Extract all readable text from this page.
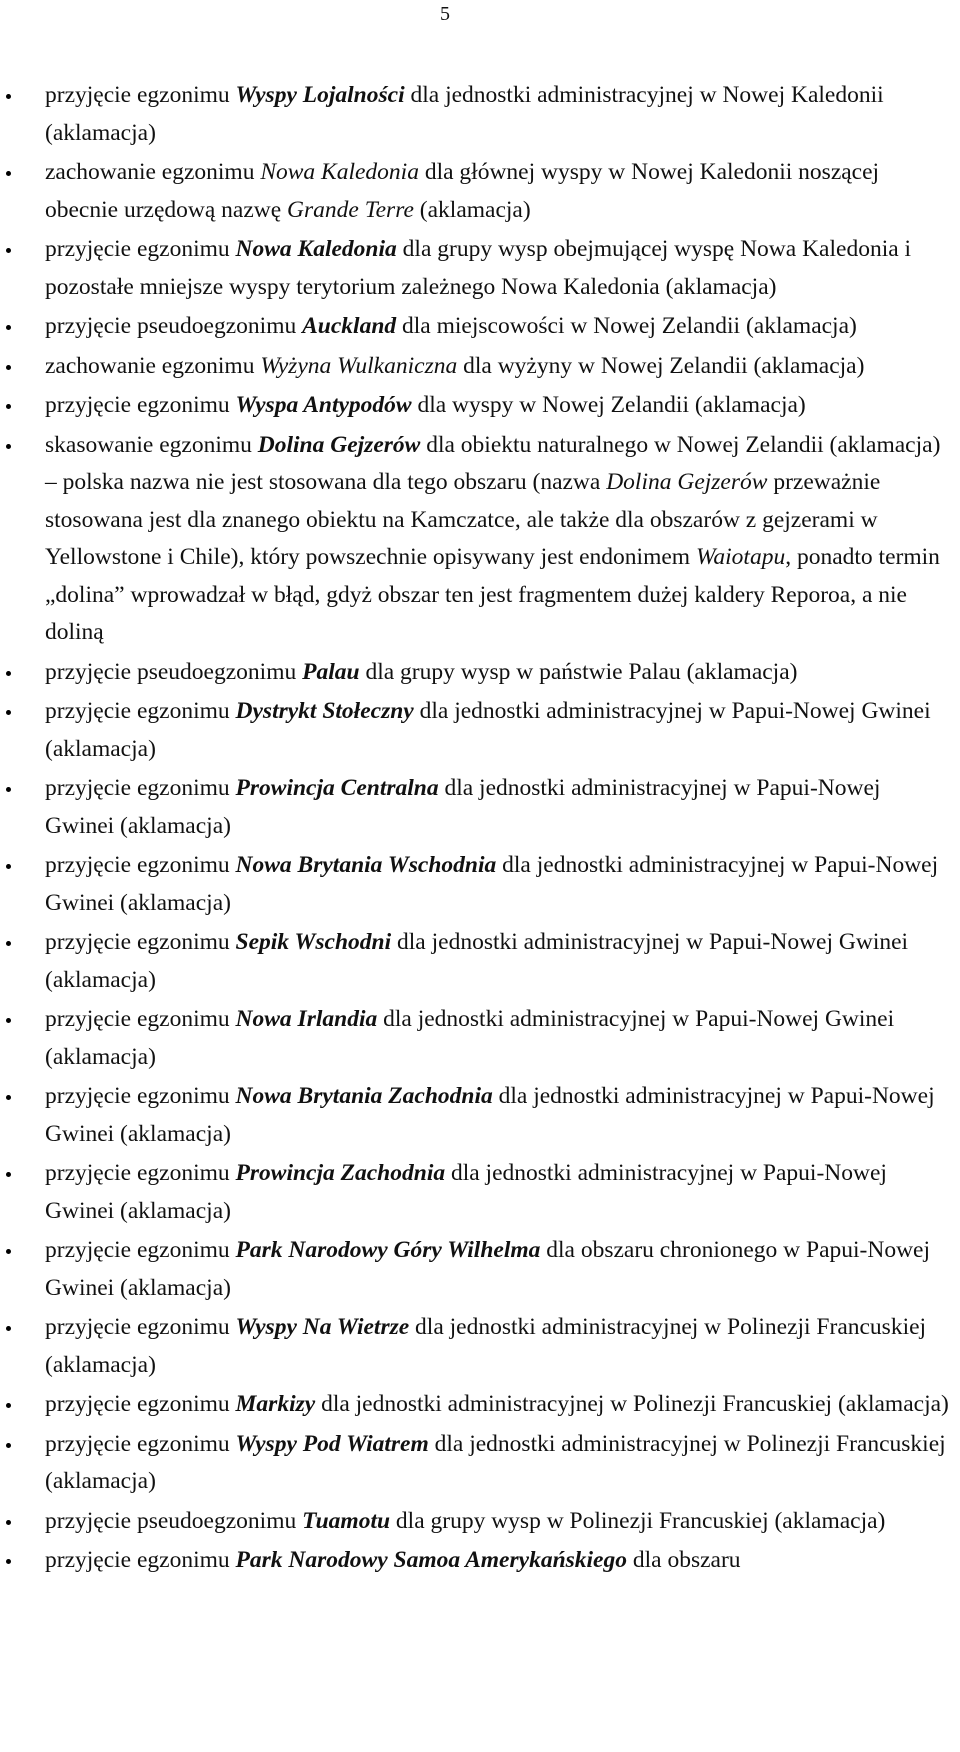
5
przyjęcie egzonimu Wyspy Lojalności dla jednostki administracyjnej w Nowej Kaledonii (aklamacja)
zachowanie egzonimu Nowa Kaledonia dla głównej wyspy w Nowej Kaledonii noszącej obecnie urzędową nazwę Grande Terre (aklamacja)
przyjęcie egzonimu Nowa Kaledonia dla grupy wysp obejmującej wyspę Nowa Kaledonia i pozostałe mniejsze wyspy terytorium zależnego Nowa Kaledonia (aklamacja)
przyjęcie pseudoegzonimu Auckland dla miejscowości w Nowej Zelandii (aklamacja)
zachowanie egzonimu Wyżyna Wulkaniczna dla wyżyny w Nowej Zelandii (aklamacja)
przyjęcie egzonimu Wyspa Antypodów dla wyspy w Nowej Zelandii (aklamacja)
skasowanie egzonimu Dolina Gejzerów dla obiektu naturalnego w Nowej Zelandii (aklamacja) – polska nazwa nie jest stosowana dla tego obszaru (nazwa Dolina Gejzerów przeważnie stosowana jest dla znanego obiektu na Kamczatce, ale także dla obszarów z gejzerami w Yellowstone i Chile), który powszechnie opisywany jest endonimem Waiotapu, ponadto termin „dolina” wprowadzał w błąd, gdyż obszar ten jest fragmentem dużej kaldery Reporoa, a nie doliną
przyjęcie pseudoegzonimu Palau dla grupy wysp w państwie Palau (aklamacja)
przyjęcie egzonimu Dystrykt Stołeczny dla jednostki administracyjnej w Papui-Nowej Gwinei (aklamacja)
przyjęcie egzonimu Prowincja Centralna dla jednostki administracyjnej w Papui-Nowej Gwinei (aklamacja)
przyjęcie egzonimu Nowa Brytania Wschodnia dla jednostki administracyjnej w Papui-Nowej Gwinei (aklamacja)
przyjęcie egzonimu Sepik Wschodni dla jednostki administracyjnej w Papui-Nowej Gwinei (aklamacja)
przyjęcie egzonimu Nowa Irlandia dla jednostki administracyjnej w Papui-Nowej Gwinei (aklamacja)
przyjęcie egzonimu Nowa Brytania Zachodnia dla jednostki administracyjnej w Papui-Nowej Gwinei (aklamacja)
przyjęcie egzonimu Prowincja Zachodnia dla jednostki administracyjnej w Papui-Nowej Gwinei (aklamacja)
przyjęcie egzonimu Park Narodowy Góry Wilhelma dla obszaru chronionego w Papui-Nowej Gwinei (aklamacja)
przyjęcie egzonimu Wyspy Na Wietrze dla jednostki administracyjnej w Polinezji Francuskiej (aklamacja)
przyjęcie egzonimu Markizy dla jednostki administracyjnej w Polinezji Francuskiej (aklamacja)
przyjęcie egzonimu Wyspy Pod Wiatrem dla jednostki administracyjnej w Polinezji Francuskiej (aklamacja)
przyjęcie pseudoegzonimu Tuamotu dla grupy wysp w Polinezji Francuskiej (aklamacja)
przyjęcie egzonimu Park Narodowy Samoa Amerykańskiego dla obszaru
